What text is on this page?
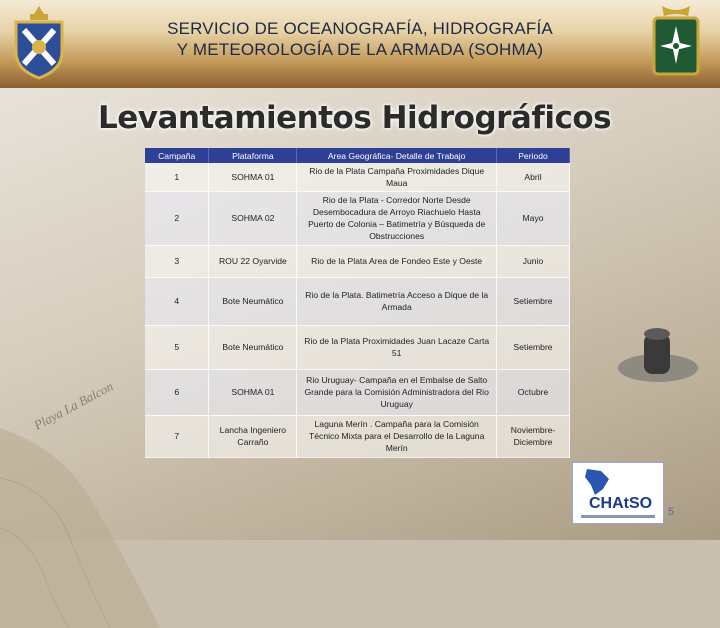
SERVICIO DE OCEANOGRAFÍA, HIDROGRAFÍA
Y METEOROLOGÍA DE LA ARMADA (SOHMA)
Playa La Balcon
Levantamientos Hidrográficos
Campaña	Plataforma	Area Geográfica- Detalle de Trabajo	Periodo
1	SOHMA 01	Rio de la Plata Campaña Proximidades Dique Maua	Abril
2	SOHMA 02	Rio de la Plata - Corredor Norte Desde Desembocadura de Arroyo Riachuelo Hasta Puerto de Colonia – Batimetría y Búsqueda de Obstrucciones	Mayo
3	ROU 22 Oyarvide	Rio de la Plata Area de Fondeo Este y Oeste	Junio
4	Bote Neumático	Rio de la Plata. Batimetría Acceso a Dique de la Armada	Setiembre
5	Bote Neumático	Rio de la Plata Proximidades Juan Lacaze Carta 51	Setiembre
6	SOHMA 01	Rio Uruguay- Campaña en el Embalse de Salto Grande para la Comisión Administradora del Rio Uruguay	Octubre
7	Lancha Ingeniero Carraño	Laguna Merín . Campaña para la Comisión Técnico Mixta para el Desarrollo de la Laguna Merín	Noviembre- Diciembre
CHAtSO 5
